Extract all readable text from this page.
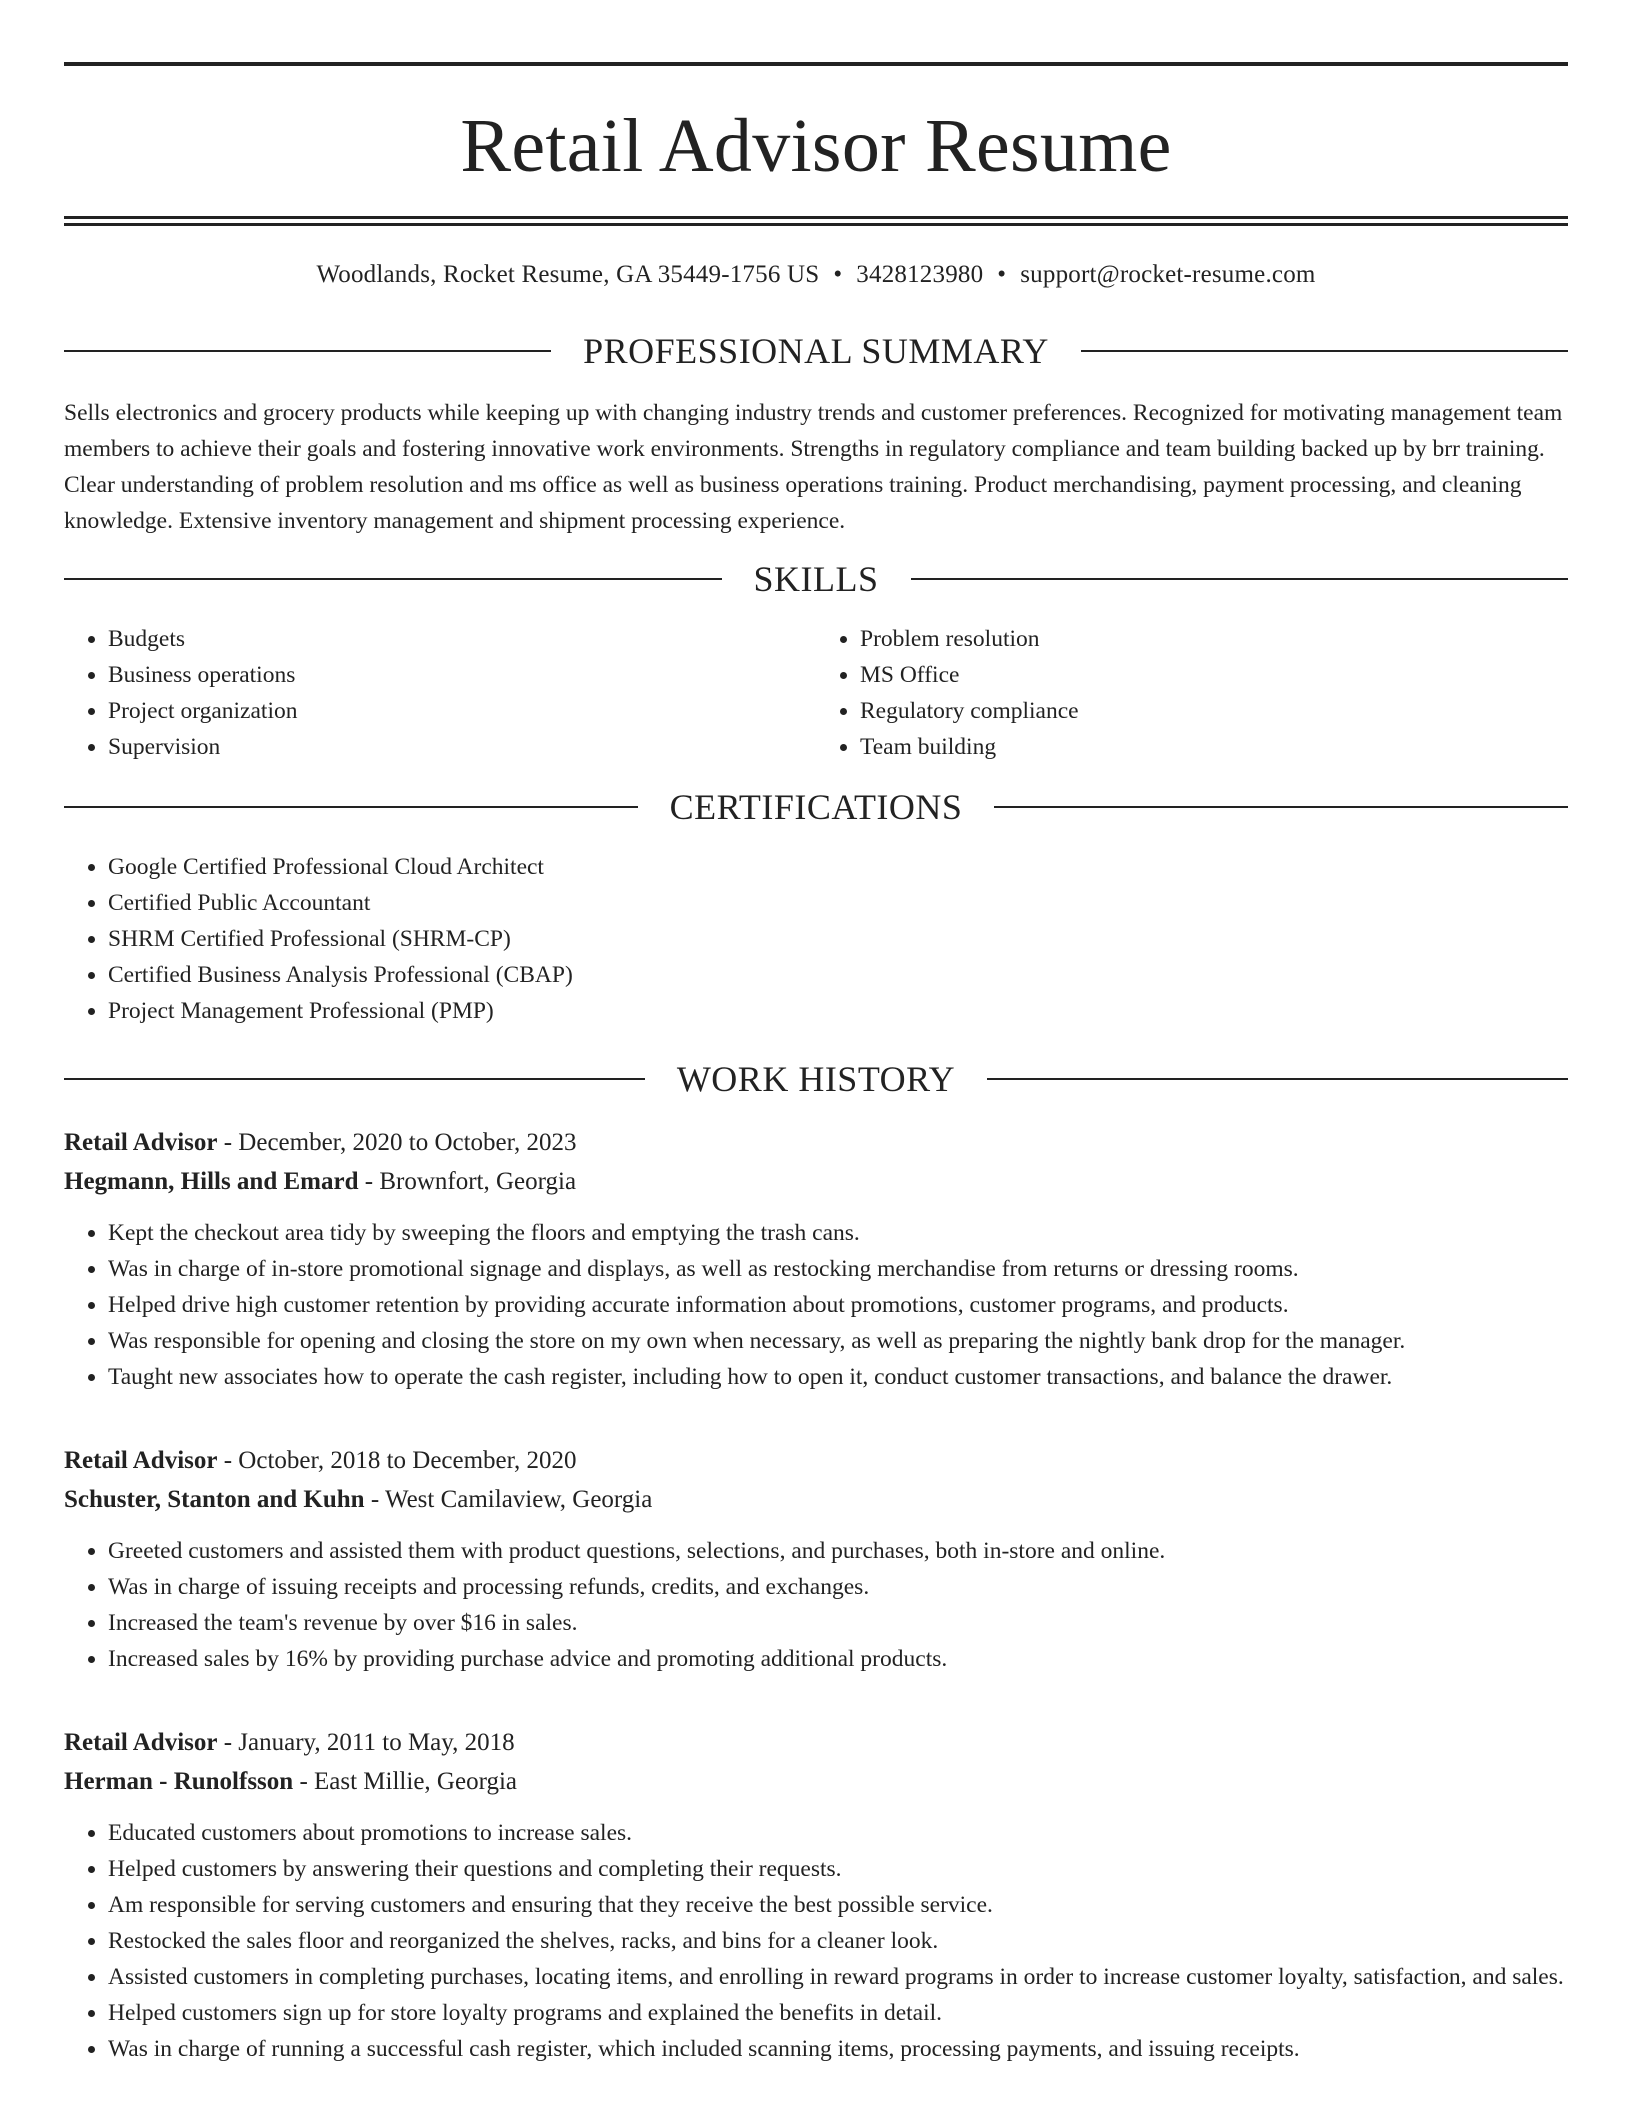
Retail Advisor Resume
Woodlands, Rocket Resume, GA 35449-1756 US • 3428123980 • support@rocket-resume.com
PROFESSIONAL SUMMARY

Sells electronics and grocery products while keeping up with changing industry trends and customer preferences. Recognized for motivating management team members to achieve their goals and fostering innovative work environments. Strengths in regulatory compliance and team building backed up by brr training. Clear understanding of problem resolution and ms office as well as business operations training. Product merchandising, payment processing, and cleaning knowledge. Extensive inventory management and shipment processing experience.

SKILLS
• Budgets
• Business operations
• Project organization
• Supervision
• Problem resolution
• MS Office
• Regulatory compliance
• Team building
CERTIFICATIONS
• Google Certified Professional Cloud Architect
• Certified Public Accountant
• SHRM Certified Professional (SHRM-CP)
• Certified Business Analysis Professional (CBAP)
• Project Management Professional (PMP)
WORK HISTORY
Retail Advisor - December, 2020 to October, 2023
Hegmann, Hills and Emard - Brownfort, Georgia
• Kept the checkout area tidy by sweeping the floors and emptying the trash cans.
• Was in charge of in-store promotional signage and displays, as well as restocking merchandise from returns or dressing rooms.
• Helped drive high customer retention by providing accurate information about promotions, customer programs, and products.
• Was responsible for opening and closing the store on my own when necessary, as well as preparing the nightly bank drop for the manager.
• Taught new associates how to operate the cash register, including how to open it, conduct customer transactions, and balance the drawer.
Retail Advisor - October, 2018 to December, 2020
Schuster, Stanton and Kuhn - West Camilaview, Georgia
• Greeted customers and assisted them with product questions, selections, and purchases, both in-store and online.
• Was in charge of issuing receipts and processing refunds, credits, and exchanges.
• Increased the team's revenue by over $16 in sales.
• Increased sales by 16% by providing purchase advice and promoting additional products.
Retail Advisor - January, 2011 to May, 2018
Herman - Runolfsson - East Millie, Georgia
• Educated customers about promotions to increase sales.
• Helped customers by answering their questions and completing their requests.
• Am responsible for serving customers and ensuring that they receive the best possible service.
• Restocked the sales floor and reorganized the shelves, racks, and bins for a cleaner look.
• Assisted customers in completing purchases, locating items, and enrolling in reward programs in order to increase customer loyalty, satisfaction, and sales.
• Helped customers sign up for store loyalty programs and explained the benefits in detail.
• Was in charge of running a successful cash register, which included scanning items, processing payments, and issuing receipts.
